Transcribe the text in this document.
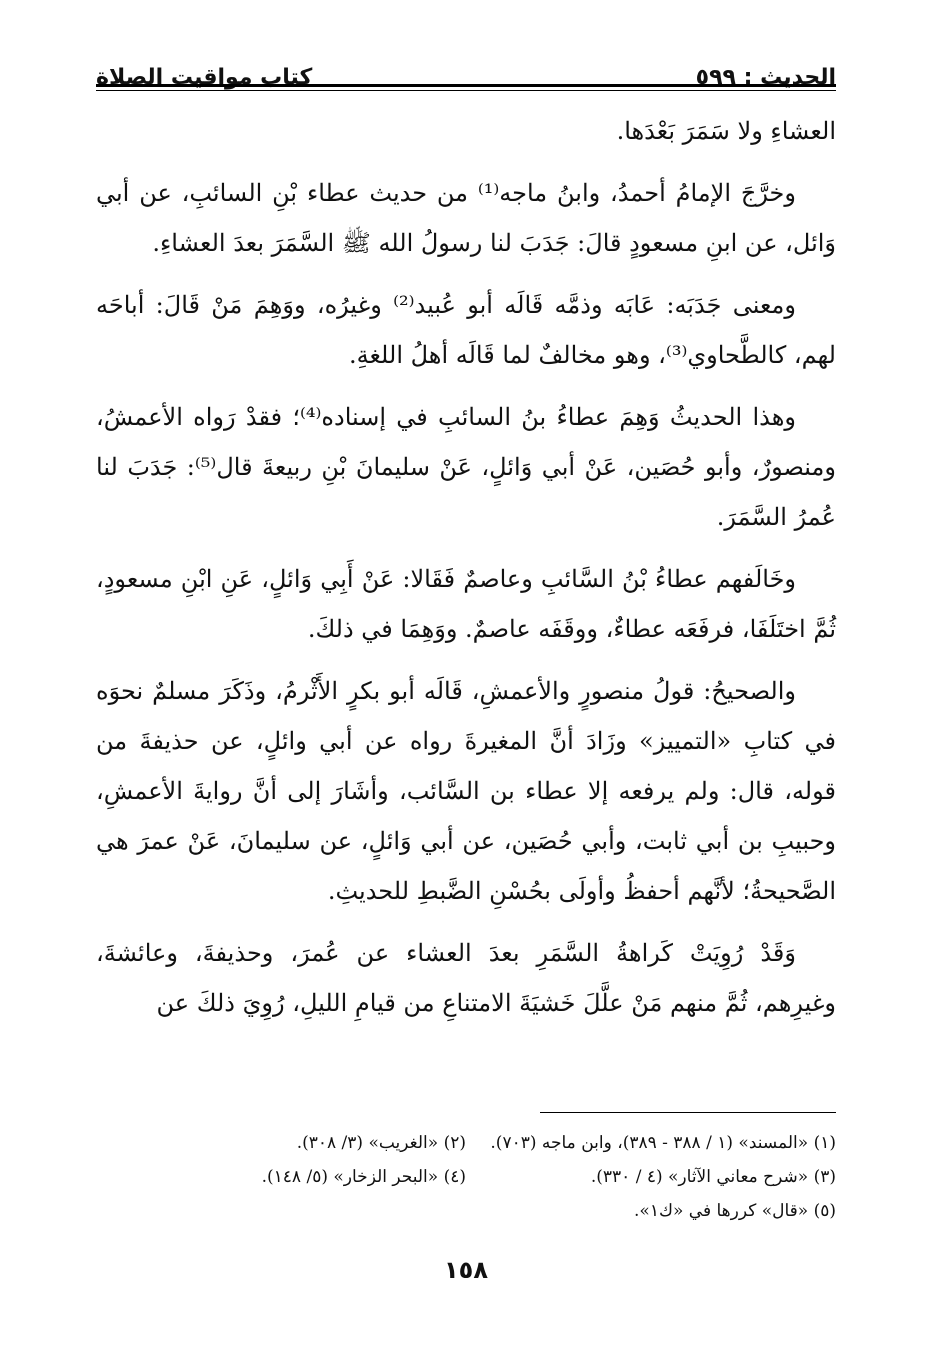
الحديث : ٥٩٩
كتاب مواقيت الصلاة

العشاءِ ولا سَمَرَ بَعْدَها.

وخرَّجَ الإمامُ أحمدُ، وابنُ ماجه⁽¹⁾ من حديث عطاء بْنِ السائبِ، عن أبي وَائل، عن ابنِ مسعودٍ قالَ: جَدَبَ لنا رسولُ الله ﷺ السَّمَرَ بعدَ العشاءِ.

ومعنى جَدَبَه: عَابَه وذمَّه قَالَه أبو عُبيد⁽²⁾ وغيرُه، ووَهِمَ مَنْ قَالَ: أباحَه لهم، كالطَّحاوي⁽³⁾، وهو مخالفٌ لما قَالَه أهلُ اللغةِ.

وهذا الحديثُ وَهِمَ عطاءُ بنُ السائبِ في إسناده⁽⁴⁾؛ فقدْ رَواه الأعمشُ، ومنصورٌ، وأبو حُصَين، عَنْ أبي وَائلٍ، عَنْ سليمانَ بْنِ ربيعةَ قال⁽⁵⁾: جَدَبَ لنا عُمرُ السَّمَرَ.

وخَالَفهم عطاءُ بْنُ السَّائبِ وعاصمٌ فَقَالا: عَنْ أَبِي وَائلٍ، عَنِ ابْنِ مسعودٍ، ثُمَّ اختَلَفَا، فرفَعَه عطاءٌ، ووقَفَه عاصمٌ. ووَهِمَا في ذلكَ.

والصحيحُ: قولُ منصورٍ والأعمشِ، قَالَه أبو بكرٍ الأَثْرمُ، وذَكَرَ مسلمٌ نحوَه في كتابِ «التمييز» وزَادَ أنَّ المغيرةَ رواه عن أبي وائلٍ، عن حذيفةَ من قوله، قال: ولم يرفعه إلا عطاء بن السَّائب، وأشَارَ إلى أنَّ روايةَ الأعمشِ، وحبيبِ بن أبي ثابت، وأبي حُصَين، عن أبي وَائلٍ، عن سليمانَ، عَنْ عمرَ هي الصَّحيحةُ؛ لأنَّهم أحفظُ وأولَى بحُسْنِ الضَّبطِ للحديثِ.

وَقَدْ رُوِيَتْ كَراهةُ السَّمَرِ بعدَ العشاء عن عُمرَ، وحذيفةَ، وعائشةَ، وغيرِهم، ثُمَّ منهم مَنْ علَّلَ خَشيَةَ الامتناعِ من قيامِ الليلِ، رُوِيَ ذلكَ عن

(١) «المسند» (١ / ٣٨٨ - ٣٨٩)، وابن ماجه (٧٠٣).
(٢) «الغريب» (٣/ ٣٠٨).
(٣) «شرح معاني الآثار» (٤ / ٣٣٠).
(٤) «البحر الزخار» (٥/ ١٤٨).
(٥) «قال» كررها في «ك١».
١٥٨
